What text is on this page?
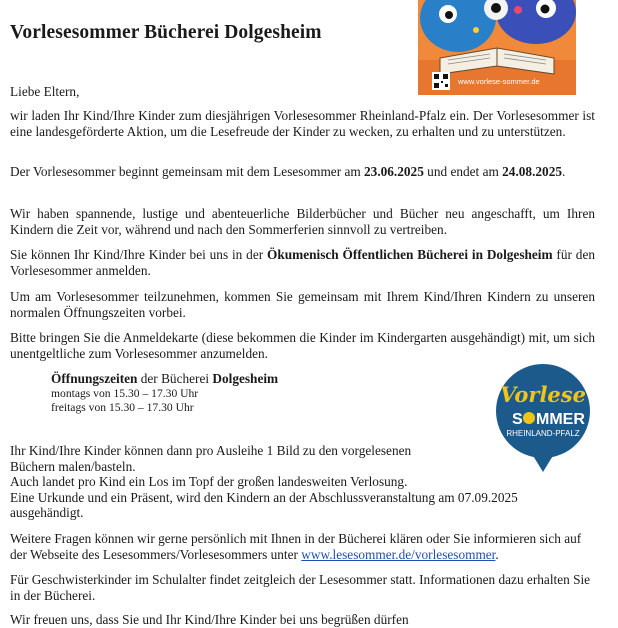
Vorlesesommer Bücherei Dolgesheim
www.vorlese-sommer.de

Liebe Eltern,

wir laden Ihr Kind/Ihre Kinder zum diesjährigen Vorlesesommer Rheinland-Pfalz ein. Der Vorlesesommer ist eine landesgeförderte Aktion, um die Lesefreude der Kinder zu wecken, zu erhalten und zu unterstützen.

Der Vorlesesommer beginnt gemeinsam mit dem Lesesommer am 23.06.2025 und endet am 24.08.2025.

Wir haben spannende, lustige und abenteuerliche Bilderbücher und Bücher neu angeschafft, um Ihren Kindern die Zeit vor, während und nach den Sommerferien sinnvoll zu vertreiben.

Sie können Ihr Kind/Ihre Kinder bei uns in der Ökumenisch Öffentlichen Bücherei in Dolgesheim für den Vorlesesommer anmelden.

Um am Vorlesesommer teilzunehmen, kommen Sie gemeinsam mit Ihrem Kind/Ihren Kindern zu unseren normalen Öffnungszeiten vorbei.

Bitte bringen Sie die Anmeldekarte (diese bekommen die Kinder im Kindergarten ausgehändigt) mit, um sich unentgeltliche zum Vorlesesommer anzumelden.

Öffnungszeiten der Bücherei Dolgesheim
montags von 15.30 – 17.30 Uhr
freitags von 15.30 – 17.30 Uhr
Vorlese
S MMER
RHEINLAND-PFALZ
Ihr Kind/Ihre Kinder können dann pro Ausleihe 1 Bild zu den vorgelesenen
Büchern malen/basteln.
Auch landet pro Kind ein Los im Topf der großen landesweiten Verlosung.
Eine Urkunde und ein Präsent, wird den Kindern an der Abschlussveranstaltung am 07.09.2025
ausgehändigt.

Weitere Fragen können wir gerne persönlich mit Ihnen in der Bücherei klären oder Sie informieren sich auf der Webseite des Lesesommers/Vorlesesommers unter www.lesesommer.de/vorlesesommer.

Für Geschwisterkinder im Schulalter findet zeitgleich der Lesesommer statt. Informationen dazu erhalten Sie in der Bücherei.

Wir freuen uns, dass Sie und Ihr Kind/Ihre Kinder bei uns begrüßen dürfen
